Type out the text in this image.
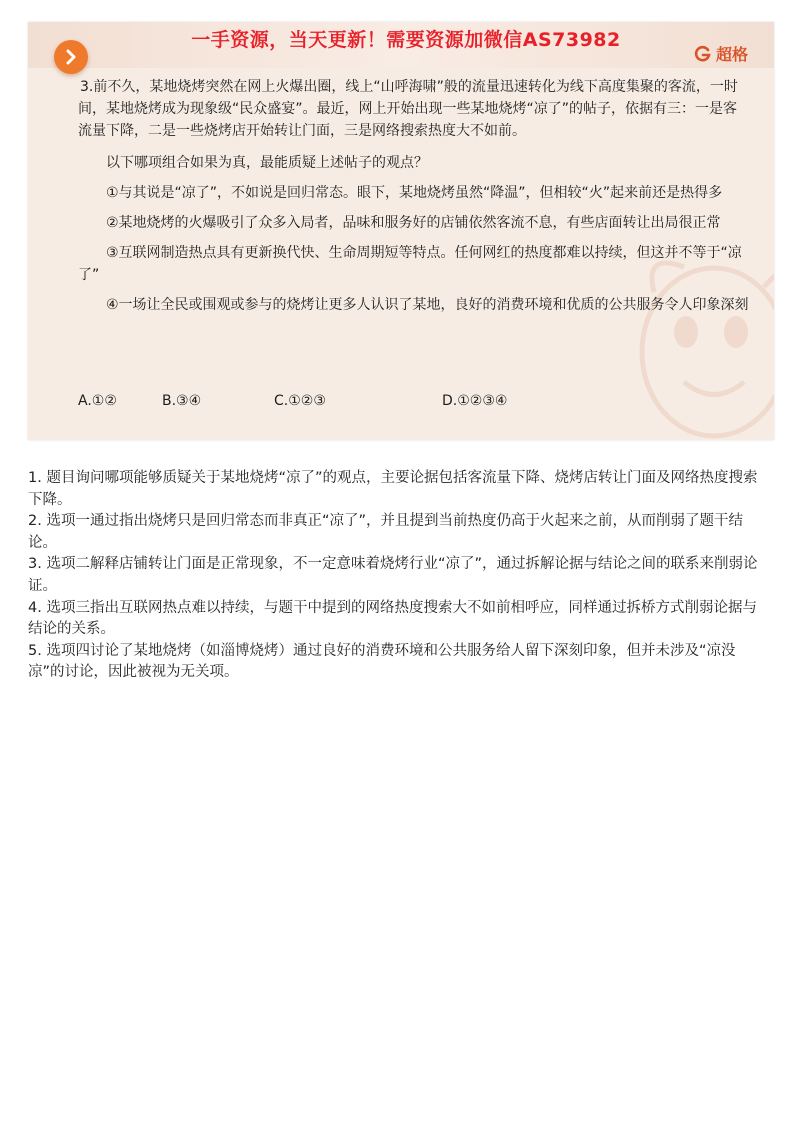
一手资源，当天更新！需要资源加微信AS73982
超格

3.前不久，某地烧烤突然在网上火爆出圈，线上“山呼海啸”般的流量迅速转化为线下高度集聚的客流，一时间，某地烧烤成为现象级“民众盛宴”。最近，网上开始出现一些某地烧烤“凉了”的帖子，依据有三：一是客流量下降，二是一些烧烤店开始转让门面，三是网络搜索热度大不如前。

以下哪项组合如果为真，最能质疑上述帖子的观点？

①与其说是“凉了”，不如说是回归常态。眼下，某地烧烤虽然“降温”，但相较“火”起来前还是热得多

②某地烧烤的火爆吸引了众多入局者，品味和服务好的店铺依然客流不息，有些店面转让出局很正常

③互联网制造热点具有更新换代快、生命周期短等特点。任何网红的热度都难以持续，但这并不等于“凉了”

④一场让全民或围观或参与的烧烤让更多人认识了某地，良好的消费环境和优质的公共服务令人印象深刻

A.①②	B.③④	C.①②③	D.①②③④

1. 题目询问哪项能够质疑关于某地烧烤“凉了”的观点，主要论据包括客流量下降、烧烤店转让门面及网络热度搜索下降。

2. 选项一通过指出烧烤只是回归常态而非真正“凉了”，并且提到当前热度仍高于火起来之前，从而削弱了题干结论。

3. 选项二解释店铺转让门面是正常现象，不一定意味着烧烤行业“凉了”，通过拆解论据与结论之间的联系来削弱论证。

4. 选项三指出互联网热点难以持续，与题干中提到的网络热度搜索大不如前相呼应，同样通过拆桥方式削弱论据与结论的关系。

5. 选项四讨论了某地烧烤（如淄博烧烤）通过良好的消费环境和公共服务给人留下深刻印象，但并未涉及“凉没凉”的讨论，因此被视为无关项。
